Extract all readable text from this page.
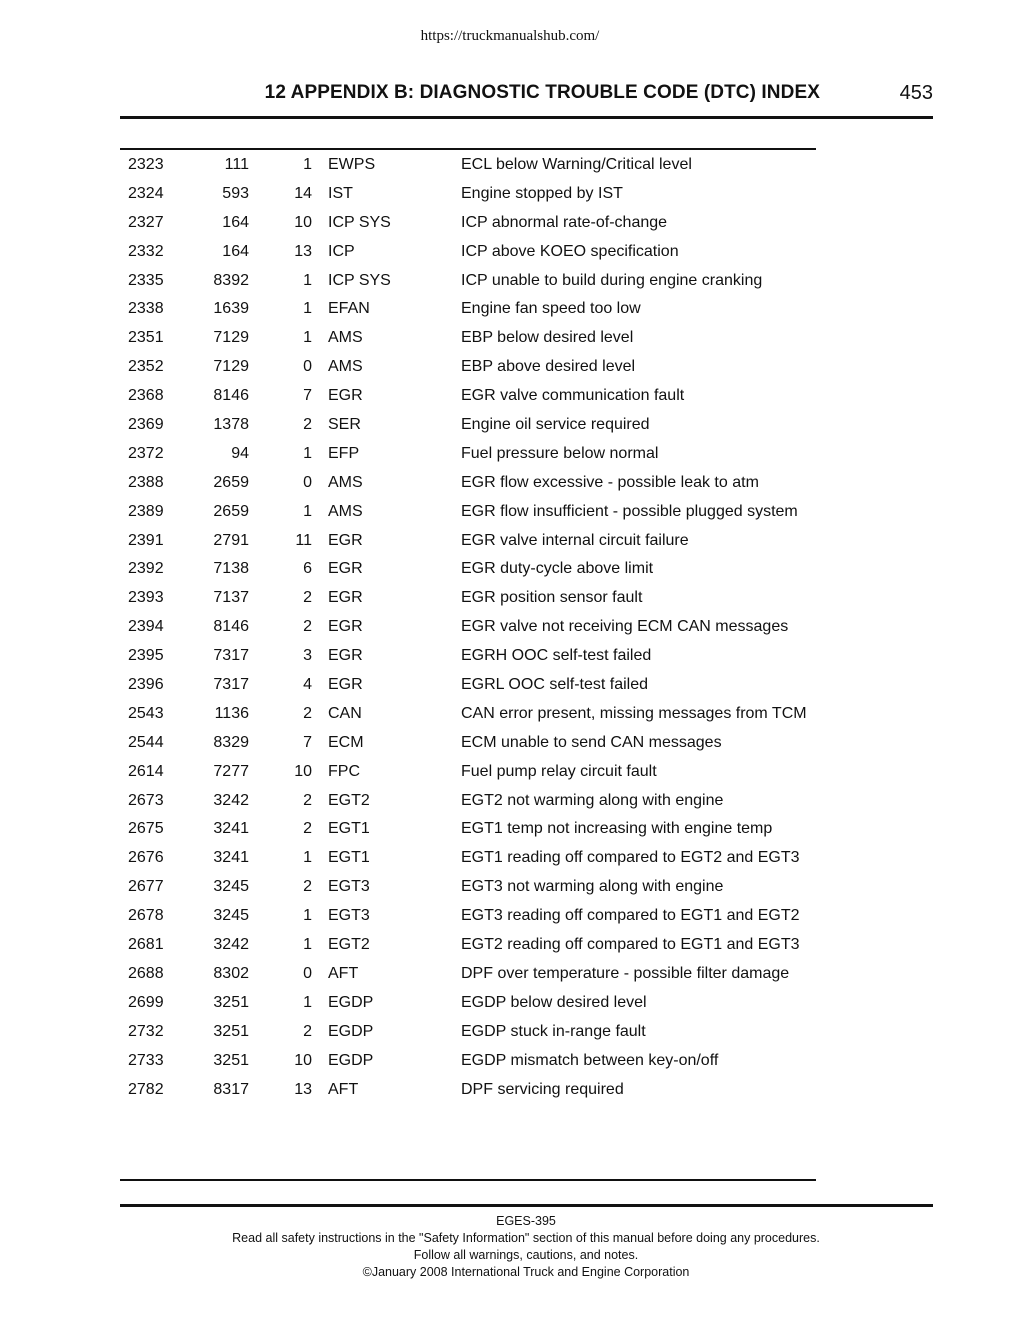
https://truckmanualshub.com/
12 APPENDIX B: DIAGNOSTIC TROUBLE CODE (DTC) INDEX	453
2323	111	1 EWPS	ECL below Warning/Critical level
2324	593	14 IST	Engine stopped by IST
2327	164	10 ICP SYS	ICP abnormal rate-of-change
2332	164	13 ICP	ICP above KOEO specification
2335	8392	1 ICP SYS	ICP unable to build during engine cranking
2338	1639	1 EFAN	Engine fan speed too low
2351	7129	1 AMS	EBP below desired level
2352	7129	0 AMS	EBP above desired level
2368	8146	7 EGR	EGR valve communication fault
2369	1378	2 SER	Engine oil service required
2372	94	1 EFP	Fuel pressure below normal
2388	2659	0 AMS	EGR flow excessive - possible leak to atm
2389	2659	1 AMS	EGR flow insufficient - possible plugged system
2391	2791	11 EGR	EGR valve internal circuit failure
2392	7138	6 EGR	EGR duty-cycle above limit
2393	7137	2 EGR	EGR position sensor fault
2394	8146	2 EGR	EGR valve not receiving ECM CAN messages
2395	7317	3 EGR	EGRH OOC self-test failed
2396	7317	4 EGR	EGRL OOC self-test failed
2543	1136	2 CAN	CAN error present, missing messages from TCM
2544	8329	7 ECM	ECM unable to send CAN messages
2614	7277	10 FPC	Fuel pump relay circuit fault
2673	3242	2 EGT2	EGT2 not warming along with engine
2675	3241	2 EGT1	EGT1 temp not increasing with engine temp
2676	3241	1 EGT1	EGT1 reading off compared to EGT2 and EGT3
2677	3245	2 EGT3	EGT3 not warming along with engine
2678	3245	1 EGT3	EGT3 reading off compared to EGT1 and EGT2
2681	3242	1 EGT2	EGT2 reading off compared to EGT1 and EGT3
2688	8302	0 AFT	DPF over temperature - possible filter damage
2699	3251	1 EGDP	EGDP below desired level
2732	3251	2 EGDP	EGDP stuck in-range fault
2733	3251	10 EGDP	EGDP mismatch between key-on/off
2782	8317	13 AFT	DPF servicing required
EGES-395
Read all safety instructions in the "Safety Information" section of this manual before doing any procedures.
Follow all warnings, cautions, and notes.
©January 2008 International Truck and Engine Corporation
